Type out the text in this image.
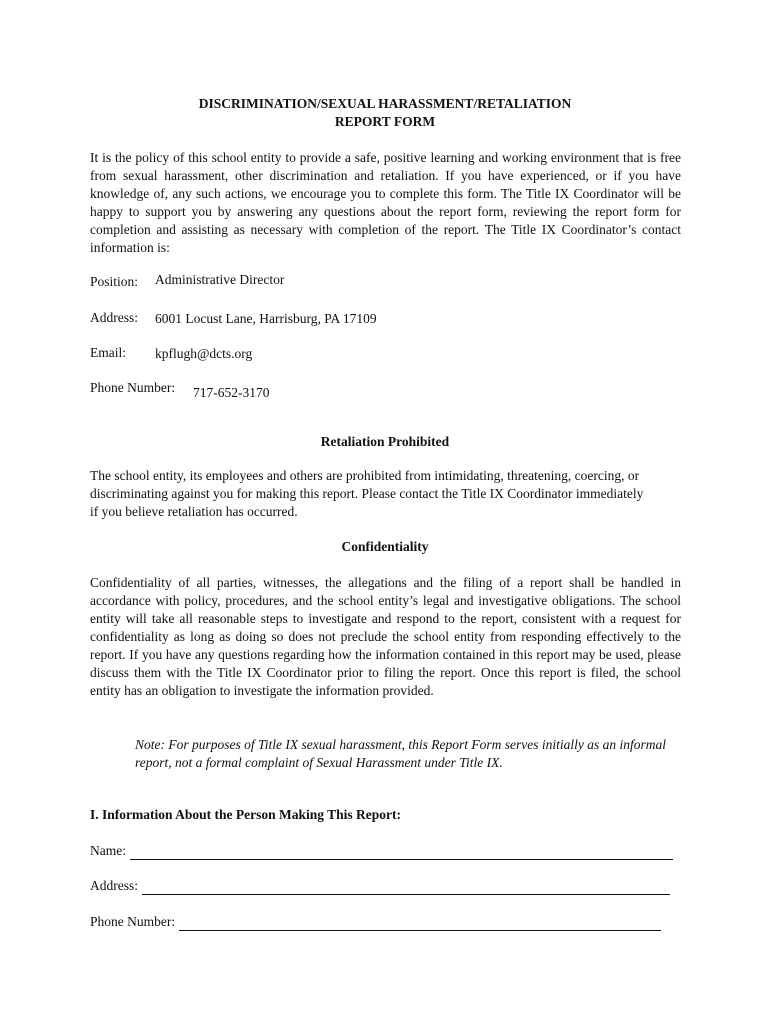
DISCRIMINATION/SEXUAL HARASSMENT/RETALIATION
REPORT FORM
It is the policy of this school entity to provide a safe, positive learning and working environment that is free from sexual harassment, other discrimination and retaliation. If you have experienced, or if you have knowledge of, any such actions, we encourage you to complete this form. The Title IX Coordinator will be happy to support you by answering any questions about the report form, reviewing the report form for completion and assisting as necessary with completion of the report. The Title IX Coordinator’s contact information is:
Position: Administrative Director
Address: 6001 Locust Lane, Harrisburg, PA 17109
Email: kpflugh@dcts.org
Phone Number: 717-652-3170
Retaliation Prohibited
The school entity, its employees and others are prohibited from intimidating, threatening, coercing, or discriminating against you for making this report. Please contact the Title IX Coordinator immediately if you believe retaliation has occurred.
Confidentiality
Confidentiality of all parties, witnesses, the allegations and the filing of a report shall be handled in accordance with policy, procedures, and the school entity’s legal and investigative obligations. The school entity will take all reasonable steps to investigate and respond to the report, consistent with a request for confidentiality as long as doing so does not preclude the school entity from responding effectively to the report. If you have any questions regarding how the information contained in this report may be used, please discuss them with the Title IX Coordinator prior to filing the report. Once this report is filed, the school entity has an obligation to investigate the information provided.
Note: For purposes of Title IX sexual harassment, this Report Form serves initially as an informal report, not a formal complaint of Sexual Harassment under Title IX.
I. Information About the Person Making This Report:
Name:
Address:
Phone Number:
